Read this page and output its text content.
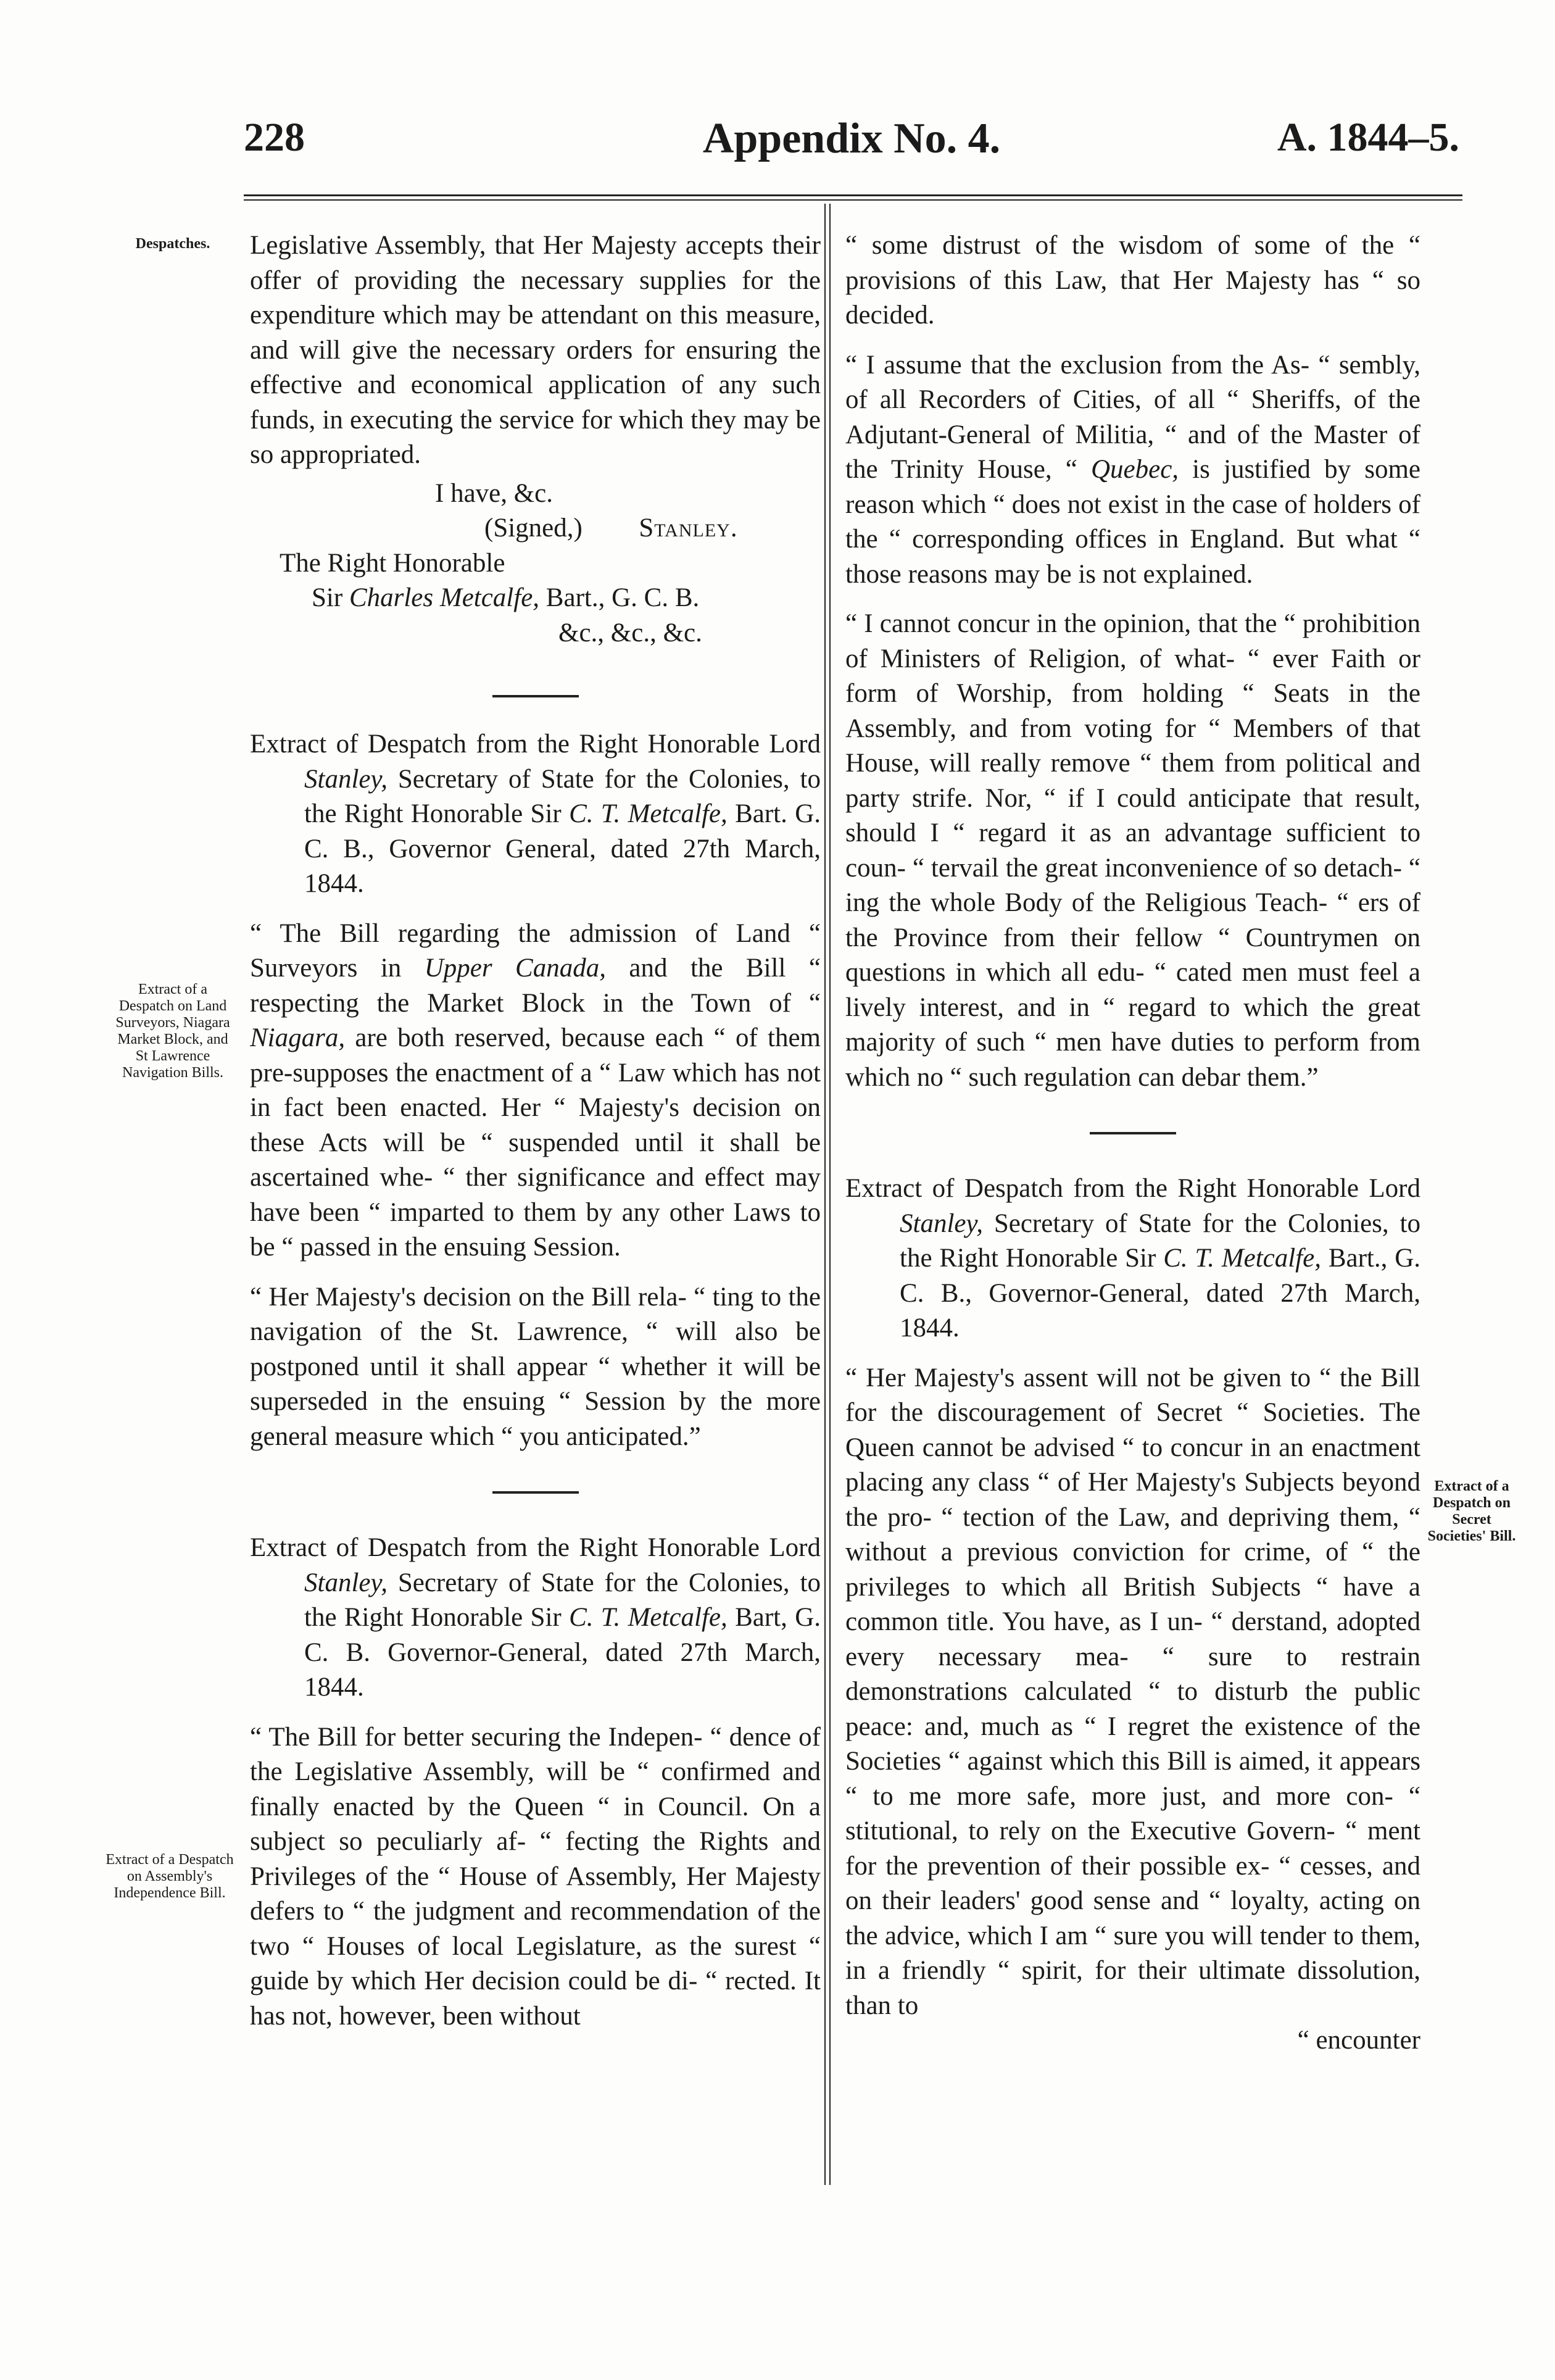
228	Appendix No. 4.	A. 1844–5.
Despatches.
Extract of a Despatch on Land Surveyors, Niagara Market Block, and St Lawrence Navigation Bills.
Extract of a Despatch on Assembly's Independence Bill.
Extract of a Despatch on Secret Societies' Bill.

Legislative Assembly, that Her Majesty accepts their offer of providing the necessary supplies for the expenditure which may be attendant on this measure, and will give the necessary orders for ensuring the effective and economical application of any such funds, in executing the service for which they may be so appropriated.

I have, &c.
(Signed,) Stanley.
The Right Honorable
Sir Charles Metcalfe, Bart., G. C. B.
&c., &c., &c.

Extract of Despatch from the Right Honorable Lord Stanley, Secretary of State for the Colonies, to the Right Honorable Sir C. T. Metcalfe, Bart. G. C. B., Governor General, dated 27th March, 1844.

“ The Bill regarding the admission of Land “ Surveyors in Upper Canada, and the Bill “ respecting the Market Block in the Town of “ Niagara, are both reserved, because each “ of them pre-supposes the enactment of a “ Law which has not in fact been enacted. Her “ Majesty's decision on these Acts will be “ suspended until it shall be ascertained whe- “ ther significance and effect may have been “ imparted to them by any other Laws to be “ passed in the ensuing Session.

“ Her Majesty's decision on the Bill rela- “ ting to the navigation of the St. Lawrence, “ will also be postponed until it shall appear “ whether it will be superseded in the ensuing “ Session by the more general measure which “ you anticipated.”

Extract of Despatch from the Right Honorable Lord Stanley, Secretary of State for the Colonies, to the Right Honorable Sir C. T. Metcalfe, Bart, G. C. B. Governor-General, dated 27th March, 1844.

“ The Bill for better securing the Indepen- “ dence of the Legislative Assembly, will be “ confirmed and finally enacted by the Queen “ in Council. On a subject so peculiarly af- “ fecting the Rights and Privileges of the “ House of Assembly, Her Majesty defers to “ the judgment and recommendation of the two “ Houses of local Legislature, as the surest “ guide by which Her decision could be di- “ rected. It has not, however, been without

“ some distrust of the wisdom of some of the “ provisions of this Law, that Her Majesty has “ so decided.

“ I assume that the exclusion from the As- “ sembly, of all Recorders of Cities, of all “ Sheriffs, of the Adjutant-General of Militia, “ and of the Master of the Trinity House, “ Quebec, is justified by some reason which “ does not exist in the case of holders of the “ corresponding offices in England. But what “ those reasons may be is not explained.

“ I cannot concur in the opinion, that the “ prohibition of Ministers of Religion, of what- “ ever Faith or form of Worship, from holding “ Seats in the Assembly, and from voting for “ Members of that House, will really remove “ them from political and party strife. Nor, “ if I could anticipate that result, should I “ regard it as an advantage sufficient to coun- “ tervail the great inconvenience of so detach- “ ing the whole Body of the Religious Teach- “ ers of the Province from their fellow “ Countrymen on questions in which all edu- “ cated men must feel a lively interest, and in “ regard to which the great majority of such “ men have duties to perform from which no “ such regulation can debar them.”

Extract of Despatch from the Right Honorable Lord Stanley, Secretary of State for the Colonies, to the Right Honorable Sir C. T. Metcalfe, Bart., G. C. B., Governor-General, dated 27th March, 1844.

“ Her Majesty's assent will not be given to “ the Bill for the discouragement of Secret “ Societies. The Queen cannot be advised “ to concur in an enactment placing any class “ of Her Majesty's Subjects beyond the pro- “ tection of the Law, and depriving them, “ without a previous conviction for crime, of “ the privileges to which all British Subjects “ have a common title. You have, as I un- “ derstand, adopted every necessary mea- “ sure to restrain demonstrations calculated “ to disturb the public peace: and, much as “ I regret the existence of the Societies “ against which this Bill is aimed, it appears “ to me more safe, more just, and more con- “ stitutional, to rely on the Executive Govern- “ ment for the prevention of their possible ex- “ cesses, and on their leaders' good sense and “ loyalty, acting on the advice, which I am “ sure you will tender to them, in a friendly “ spirit, for their ultimate dissolution, than to

“ encounter
